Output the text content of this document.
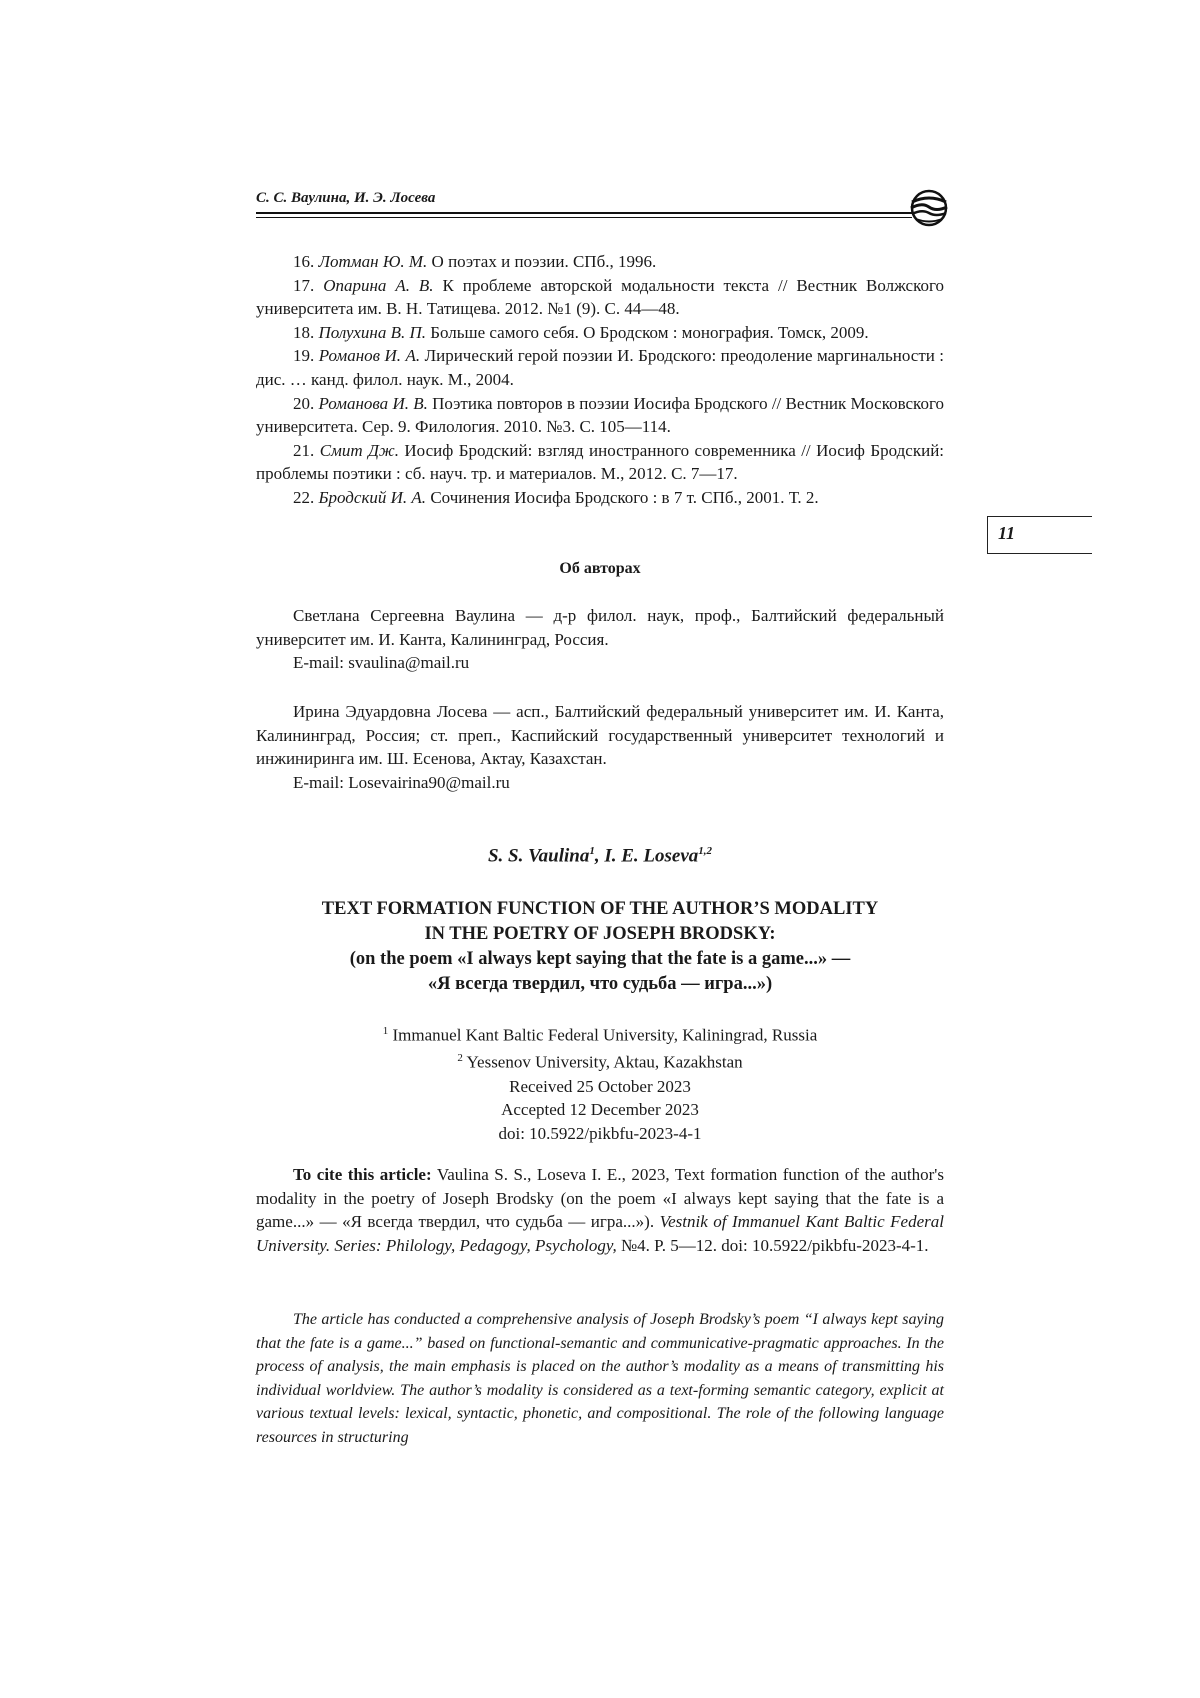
С. С. Ваулина, И. Э. Лосева

16. Лотман Ю. М. О поэтах и поэзии. СПб., 1996.

17. Опарина А. В. К проблеме авторской модальности текста // Вестник Волжского университета им. В. Н. Татищева. 2012. №1 (9). С. 44—48.

18. Полухина В. П. Больше самого себя. О Бродском : монография. Томск, 2009.

19. Романов И. А. Лирический герой поэзии И. Бродского: преодоление маргинальности : дис. … канд. филол. наук. М., 2004.

20. Романова И. В. Поэтика повторов в поэзии Иосифа Бродского // Вестник Московского университета. Сер. 9. Филология. 2010. №3. С. 105—114.

21. Смит Дж. Иосиф Бродский: взгляд иностранного современника // Иосиф Бродский: проблемы поэтики : сб. науч. тр. и материалов. М., 2012. С. 7—17.

22. Бродский И. А. Сочинения Иосифа Бродского : в 7 т. СПб., 2001. Т. 2.

11
Об авторах

Светлана Сергеевна Ваулина — д-р филол. наук, проф., Балтийский федеральный университет им. И. Канта, Калининград, Россия.

E-mail: svaulina@mail.ru

Ирина Эдуардовна Лосева — асп., Балтийский федеральный университет им. И. Канта, Калининград, Россия; ст. преп., Каспийский государственный университет технологий и инжиниринга им. Ш. Есенова, Актау, Казахстан.

E-mail: Losevairina90@mail.ru

S. S. Vaulina$^1$, I. E. Loseva$^{1,2}$
TEXT FORMATION FUNCTION OF THE AUTHOR’S MODALITY
IN THE POETRY OF JOSEPH BRODSKY:
(on the poem «I always kept saying that the fate is a game...» —
«Я всегда твердил, что судьба — игра...»)
$^1$ Immanuel Kant Baltic Federal University, Kaliningrad, Russia
$^2$ Yessenov University, Aktau, Kazakhstan
Received 25 October 2023
Accepted 12 December 2023
doi: 10.5922/pikbfu-2023-4-1

To cite this article: Vaulina S. S., Loseva I. E., 2023, Text formation function of the author's modality in the poetry of Joseph Brodsky (on the poem «I always kept saying that the fate is a game...» — «Я всегда твердил, что судьба — игра...»). Vestnik of Immanuel Kant Baltic Federal University. Series: Philology, Pedagogy, Psychology, №4. P. 5—12. doi: 10.5922/pikbfu-2023-4-1.

The article has conducted a comprehensive analysis of Joseph Brodsky’s poem “I always kept saying that the fate is a game...” based on functional-semantic and communicative-pragmatic approaches. In the process of analysis, the main emphasis is placed on the author’s modality as a means of transmitting his individual worldview. The author’s modality is considered as a text-forming semantic category, explicit at various textual levels: lexical, syntactic, phonetic, and compositional. The role of the following language resources in structuring
